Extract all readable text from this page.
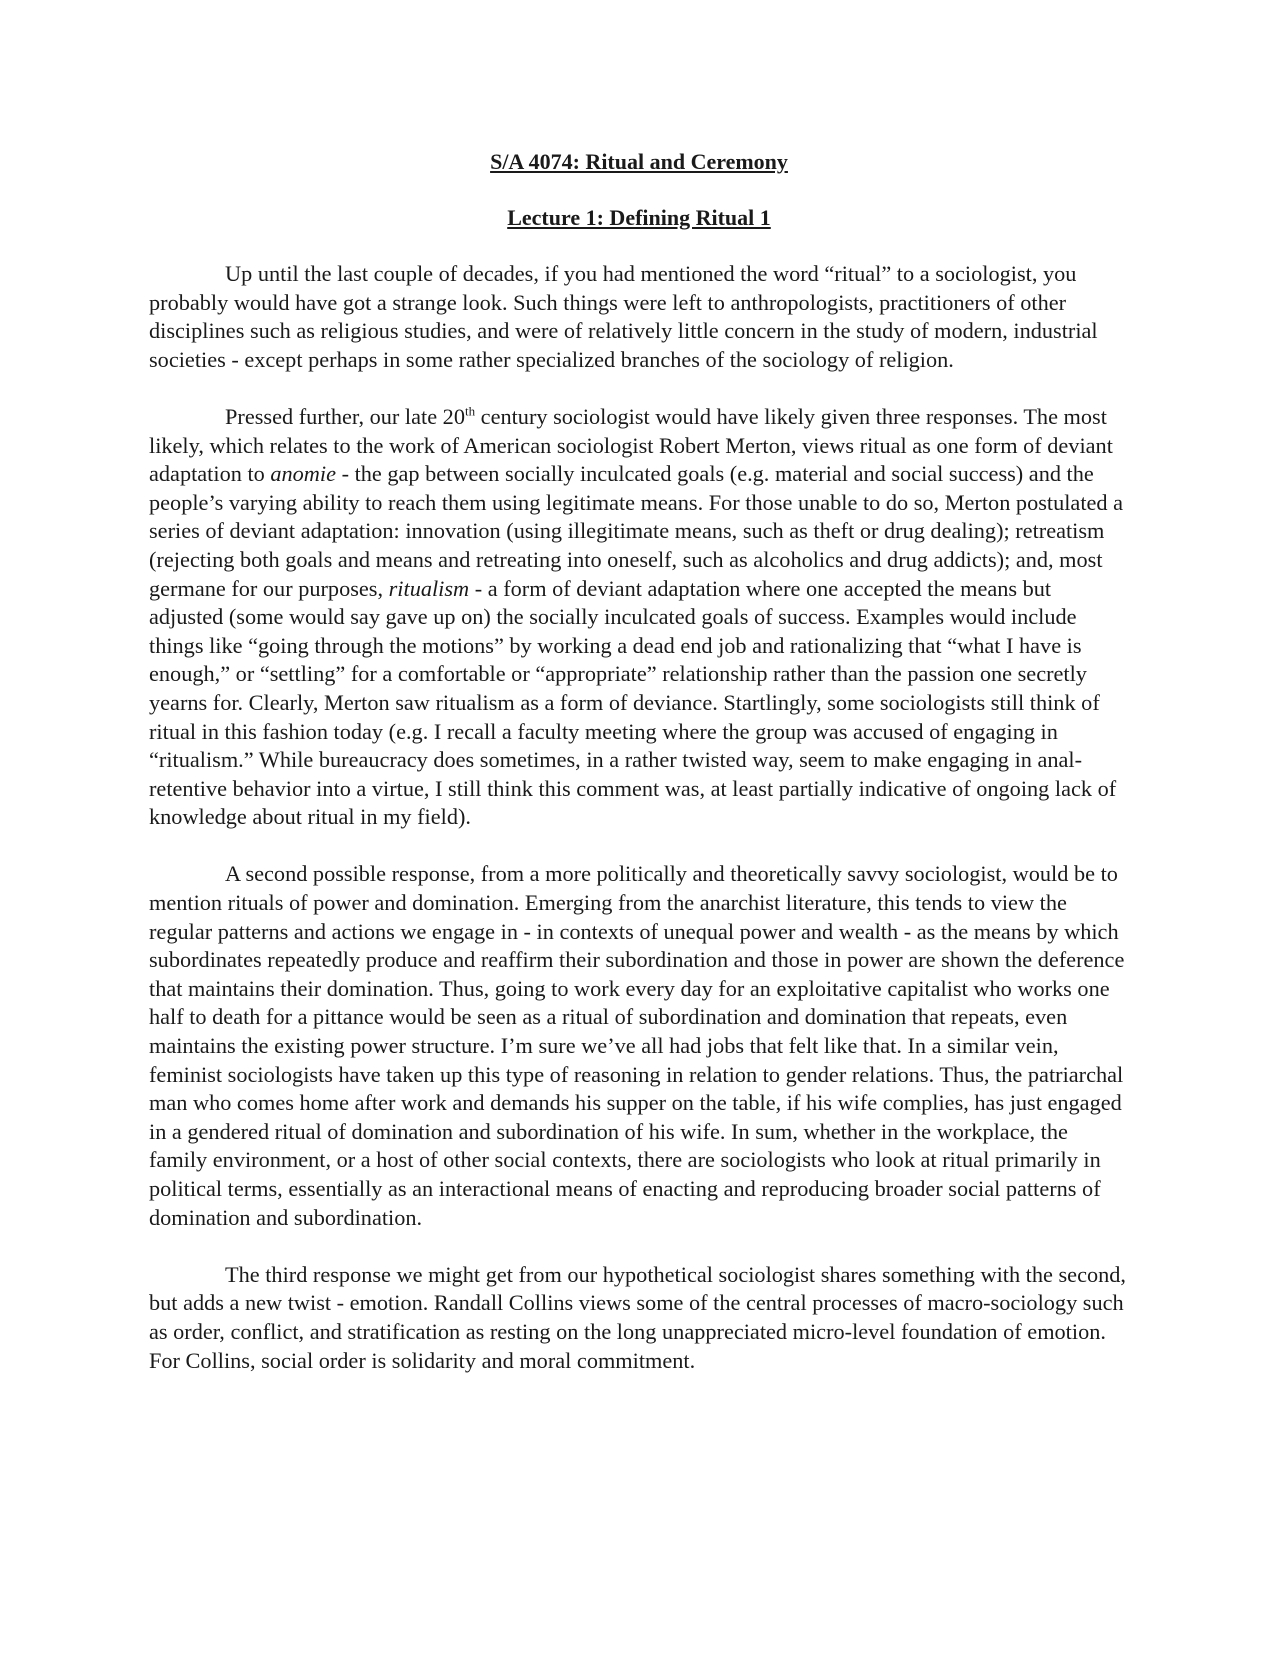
S/A 4074: Ritual and Ceremony

Lecture 1: Defining Ritual 1

Up until the last couple of decades, if you had mentioned the word “ritual” to a sociologist, you probably would have got a strange look. Such things were left to anthropologists, practitioners of other disciplines such as religious studies, and were of relatively little concern in the study of modern, industrial societies - except perhaps in some rather specialized branches of the sociology of religion.

Pressed further, our late 20th century sociologist would have likely given three responses. The most likely, which relates to the work of American sociologist Robert Merton, views ritual as one form of deviant adaptation to anomie - the gap between socially inculcated goals (e.g. material and social success) and the people’s varying ability to reach them using legitimate means. For those unable to do so, Merton postulated a series of deviant adaptation: innovation (using illegitimate means, such as theft or drug dealing); retreatism (rejecting both goals and means and retreating into oneself, such as alcoholics and drug addicts); and, most germane for our purposes, ritualism - a form of deviant adaptation where one accepted the means but adjusted (some would say gave up on) the socially inculcated goals of success. Examples would include things like “going through the motions” by working a dead end job and rationalizing that “what I have is enough,” or “settling” for a comfortable or “appropriate” relationship rather than the passion one secretly yearns for. Clearly, Merton saw ritualism as a form of deviance. Startlingly, some sociologists still think of ritual in this fashion today (e.g. I recall a faculty meeting where the group was accused of engaging in “ritualism.” While bureaucracy does sometimes, in a rather twisted way, seem to make engaging in anal-retentive behavior into a virtue, I still think this comment was, at least partially indicative of ongoing lack of knowledge about ritual in my field).

A second possible response, from a more politically and theoretically savvy sociologist, would be to mention rituals of power and domination. Emerging from the anarchist literature, this tends to view the regular patterns and actions we engage in - in contexts of unequal power and wealth - as the means by which subordinates repeatedly produce and reaffirm their subordination and those in power are shown the deference that maintains their domination. Thus, going to work every day for an exploitative capitalist who works one half to death for a pittance would be seen as a ritual of subordination and domination that repeats, even maintains the existing power structure. I’m sure we’ve all had jobs that felt like that. In a similar vein, feminist sociologists have taken up this type of reasoning in relation to gender relations. Thus, the patriarchal man who comes home after work and demands his supper on the table, if his wife complies, has just engaged in a gendered ritual of domination and subordination of his wife. In sum, whether in the workplace, the family environment, or a host of other social contexts, there are sociologists who look at ritual primarily in political terms, essentially as an interactional means of enacting and reproducing broader social patterns of domination and subordination.

The third response we might get from our hypothetical sociologist shares something with the second, but adds a new twist - emotion. Randall Collins views some of the central processes of macro-sociology such as order, conflict, and stratification as resting on the long unappreciated micro-level foundation of emotion. For Collins, social order is solidarity and moral commitment.
